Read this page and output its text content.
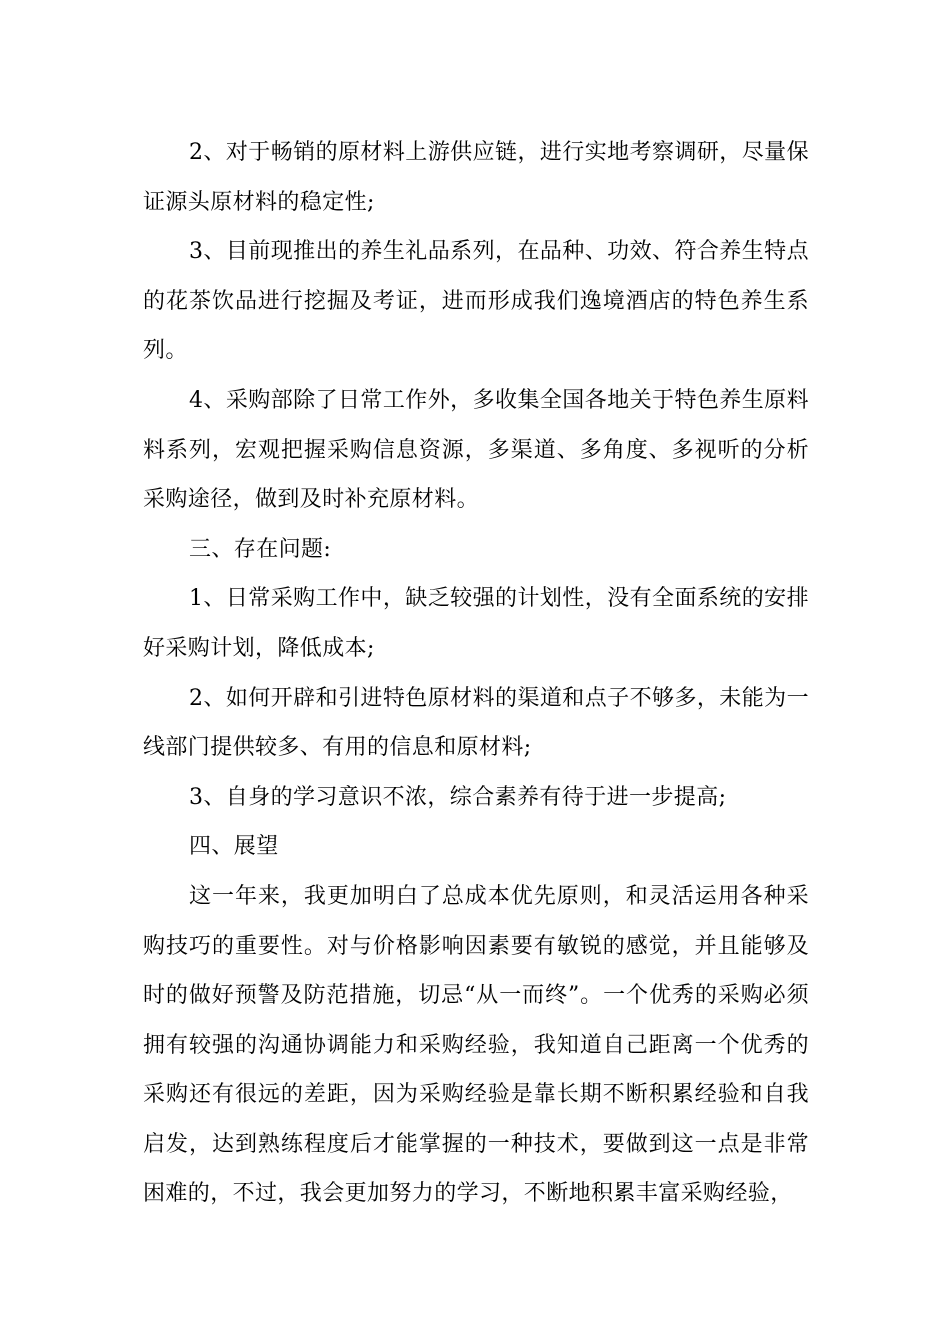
2、对于畅销的原材料上游供应链，进行实地考察调研，尽量保证源头原材料的稳定性;

3、目前现推出的养生礼品系列，在品种、功效、符合养生特点的花茶饮品进行挖掘及考证，进而形成我们逸境酒店的特色养生系列。

4、采购部除了日常工作外，多收集全国各地关于特色养生原料料系列，宏观把握采购信息资源，多渠道、多角度、多视听的分析采购途径，做到及时补充原材料。

三、存在问题:

1、日常采购工作中，缺乏较强的计划性，没有全面系统的安排好采购计划，降低成本;

2、如何开辟和引进特色原材料的渠道和点子不够多，未能为一线部门提供较多、有用的信息和原材料;

3、自身的学习意识不浓，综合素养有待于进一步提高;

四、展望

这一年来，我更加明白了总成本优先原则，和灵活运用各种采购技巧的重要性。对与价格影响因素要有敏锐的感觉，并且能够及时的做好预警及防范措施，切忌“从一而终”。一个优秀的采购必须拥有较强的沟通协调能力和采购经验，我知道自己距离一个优秀的采购还有很远的差距，因为采购经验是靠长期不断积累经验和自我启发，达到熟练程度后才能掌握的一种技术，要做到这一点是非常困难的，不过，我会更加努力的学习，不断地积累丰富采购经验，
